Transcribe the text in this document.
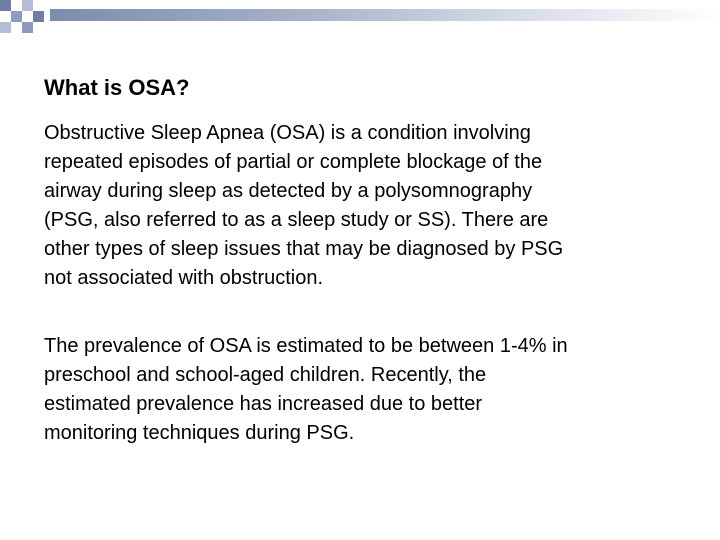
What is OSA?

Obstructive Sleep Apnea (OSA) is a condition involving
repeated episodes of partial or complete blockage of the
airway during sleep as detected by a polysomnography
(PSG, also referred to as a sleep study or SS). There are
other types of sleep issues that may be diagnosed by PSG
not associated with obstruction.

The prevalence of OSA is estimated to be between 1-4% in
preschool and school-aged children. Recently, the
estimated prevalence has increased due to better
monitoring techniques during PSG.
